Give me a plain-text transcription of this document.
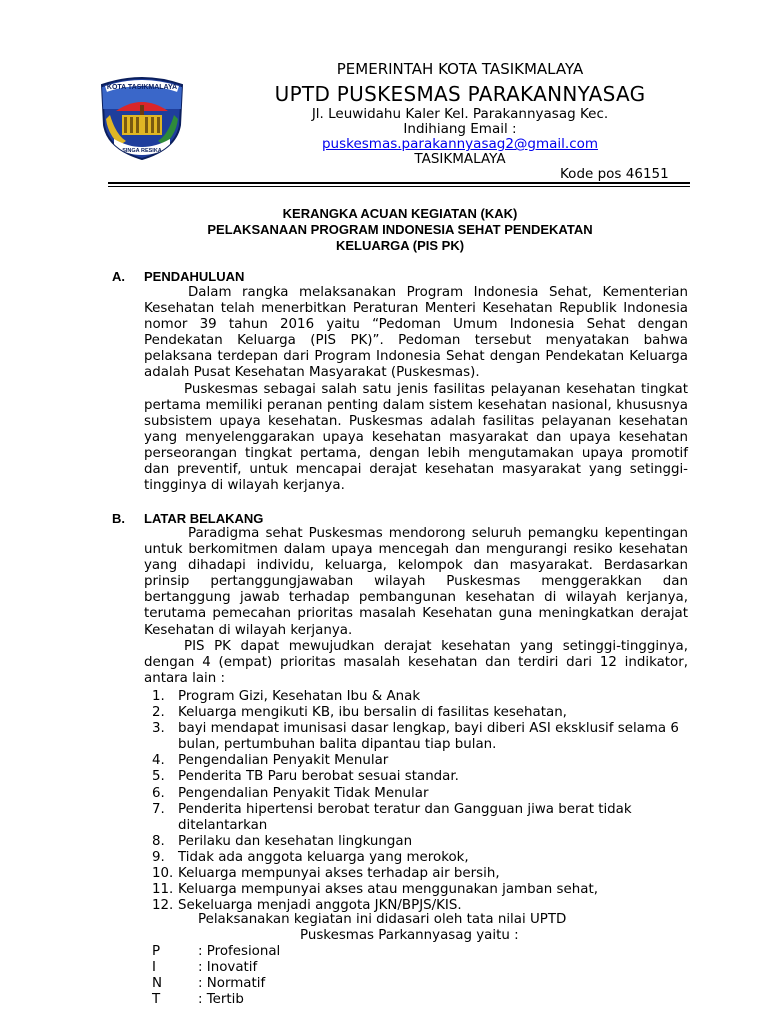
KOTA TASIKMALAYA
SINGA RESIKA
PEMERINTAH KOTA TASIKMALAYA
UPTD PUSKESMAS PARAKANNYASAG
Jl. Leuwidahu Kaler Kel. Parakannyasag Kec.
Indihiang Email :
puskesmas.parakannyasag2@gmail.com
TASIKMALAYA
Kode pos 46151
KERANGKA ACUAN KEGIATAN (KAK)
PELAKSANAAN PROGRAM INDONESIA SEHAT PENDEKATAN
KELUARGA (PIS PK)
A. PENDAHULUAN

Dalam rangka melaksanakan Program Indonesia Sehat, Kementerian Kesehatan telah menerbitkan Peraturan Menteri Kesehatan Republik Indonesia nomor 39 tahun 2016 yaitu “Pedoman Umum Indonesia Sehat dengan Pendekatan Keluarga (PIS PK)”. Pedoman tersebut menyatakan bahwa pelaksana terdepan dari Program Indonesia Sehat dengan Pendekatan Keluarga adalah Pusat Kesehatan Masyarakat (Puskesmas).

Puskesmas sebagai salah satu jenis fasilitas pelayanan kesehatan tingkat pertama memiliki peranan penting dalam sistem kesehatan nasional, khususnya subsistem upaya kesehatan. Puskesmas adalah fasilitas pelayanan kesehatan yang menyelenggarakan upaya kesehatan masyarakat dan upaya kesehatan perseorangan tingkat pertama, dengan lebih mengutamakan upaya promotif dan preventif, untuk mencapai derajat kesehatan masyarakat yang setinggi-tingginya di wilayah kerjanya.

B. LATAR BELAKANG

Paradigma sehat Puskesmas mendorong seluruh pemangku kepentingan untuk berkomitmen dalam upaya mencegah dan mengurangi resiko kesehatan yang dihadapi individu, keluarga, kelompok dan masyarakat. Berdasarkan prinsip pertanggungjawaban wilayah Puskesmas menggerakkan dan bertanggung jawab terhadap pembangunan kesehatan di wilayah kerjanya, terutama pemecahan prioritas masalah Kesehatan guna meningkatkan derajat Kesehatan di wilayah kerjanya.

PIS PK dapat mewujudkan derajat kesehatan yang setinggi-tingginya, dengan 4 (empat) prioritas masalah kesehatan dan terdiri dari 12 indikator, antara lain :

1. Program Gizi, Kesehatan Ibu & Anak
2. Keluarga mengikuti KB, ibu bersalin di fasilitas kesehatan,
3. bayi mendapat imunisasi dasar lengkap, bayi diberi ASI eksklusif selama 6 bulan, pertumbuhan balita dipantau tiap bulan.
4. Pengendalian Penyakit Menular
5. Penderita TB Paru berobat sesuai standar.
6. Pengendalian Penyakit Tidak Menular
7. Penderita hipertensi berobat teratur dan Gangguan jiwa berat tidak ditelantarkan
8. Perilaku dan kesehatan lingkungan
9. Tidak ada anggota keluarga yang merokok,
10. Keluarga mempunyai akses terhadap air bersih,
11. Keluarga mempunyai akses atau menggunakan jamban sehat,
12. Sekeluarga menjadi anggota JKN/BPJS/KIS.
Pelaksanakan kegiatan ini didasari oleh tata nilai UPTD
Puskesmas Parkannyasag yaitu :
P	: Profesional
I	: Inovatif
N	: Normatif
T	: Tertib
